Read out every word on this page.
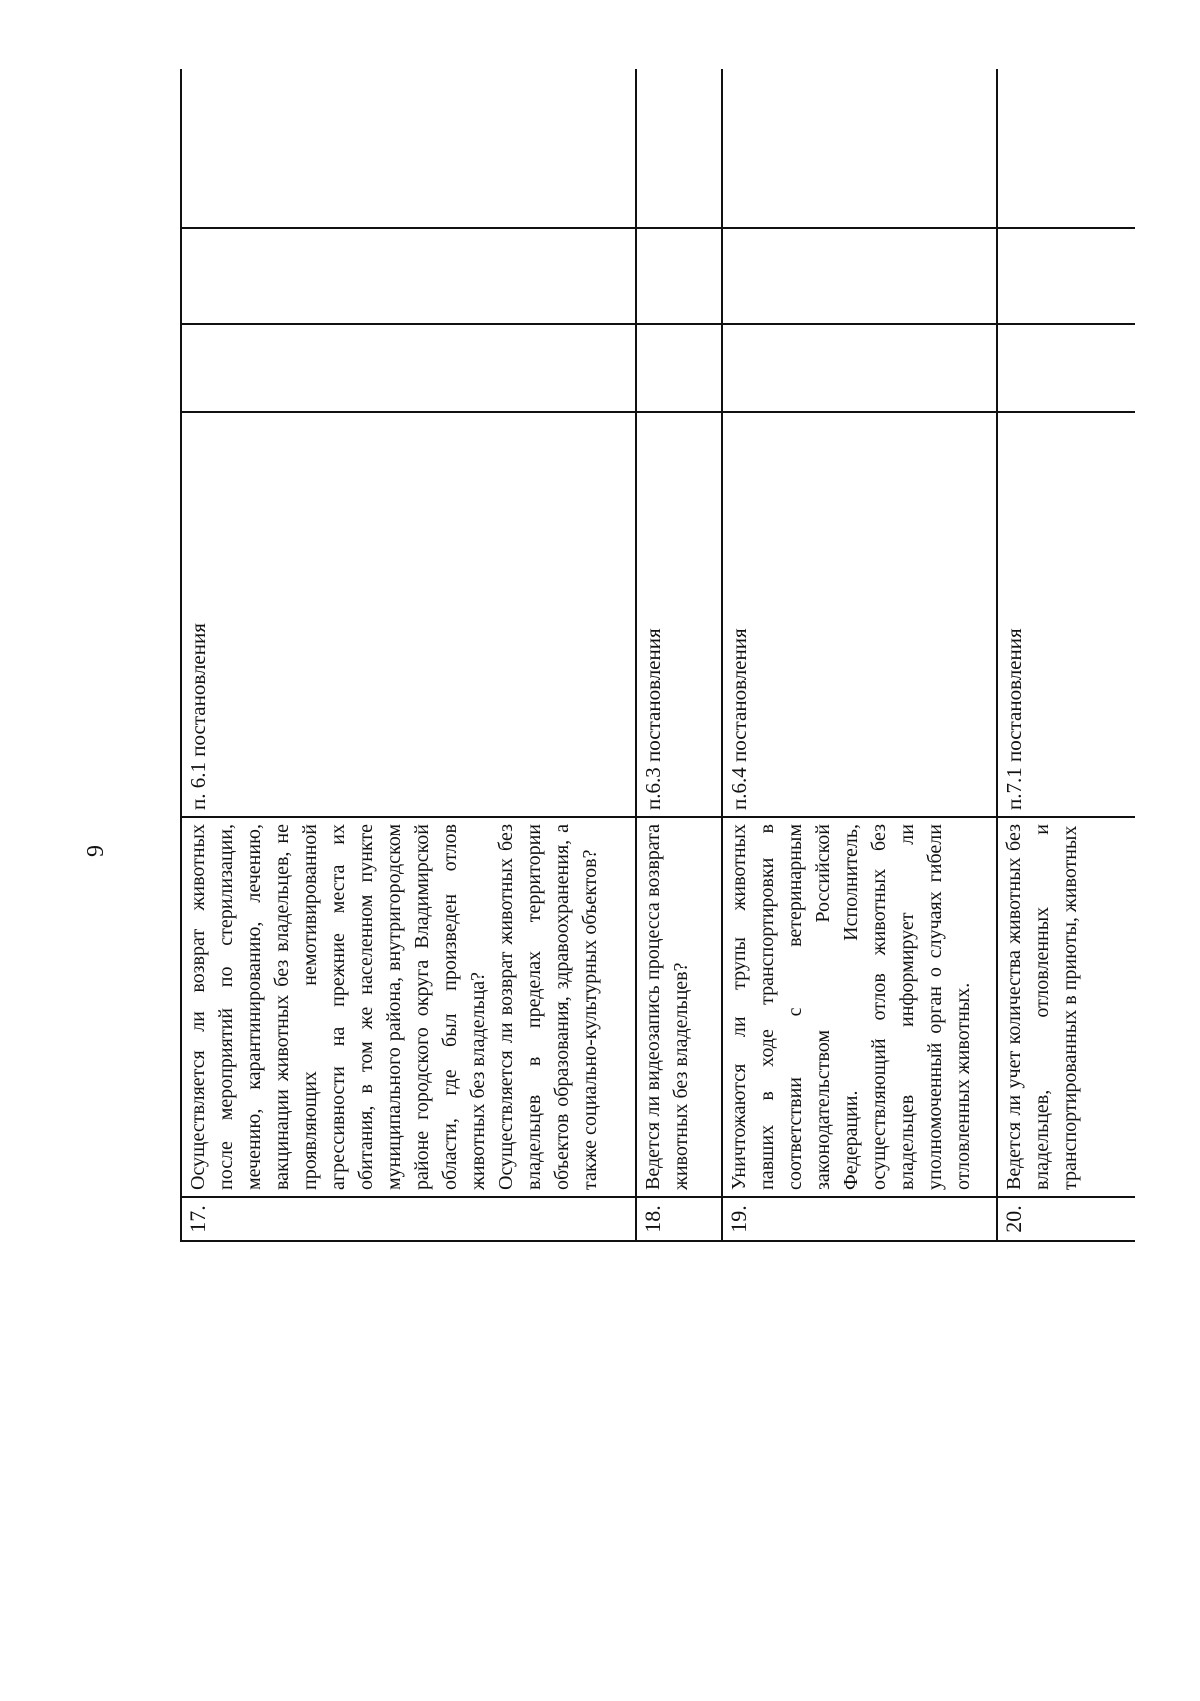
9
17.	Осуществляется ли возврат животных после мероприятий по стерилизации, мечению, карантинированию, лечению, вакцинации животных без владельцев, не проявляющих немотивированной агрессивности на прежние места их обитания, в том же населенном пункте муниципального района, внутригородском районе городского округа Владимирской области, где был произведен отлов животных без владельца? Осуществляется ли возврат животных без владельцев в пределах территории объектов образования, здравоохранения, а также социально-культурных объектов?	п. 6.1 постановления				
18.	Ведется ли видеозапись процесса возврата животных без владельцев?	п.6.3 постановления				
19.	Уничтожаются ли трупы животных павших в ходе транспортировки в соответствии с ветеринарным законодательством Российской Федерации. Исполнитель, осуществляющий отлов животных без владельцев информирует ли уполномоченный орган о случаях гибели отловленных животных.	п.6.4 постановления				
20.	Ведется ли учет количества животных без владельцев, отловленных и транспортированных в приюты, животных	п.7.1 постановления				
